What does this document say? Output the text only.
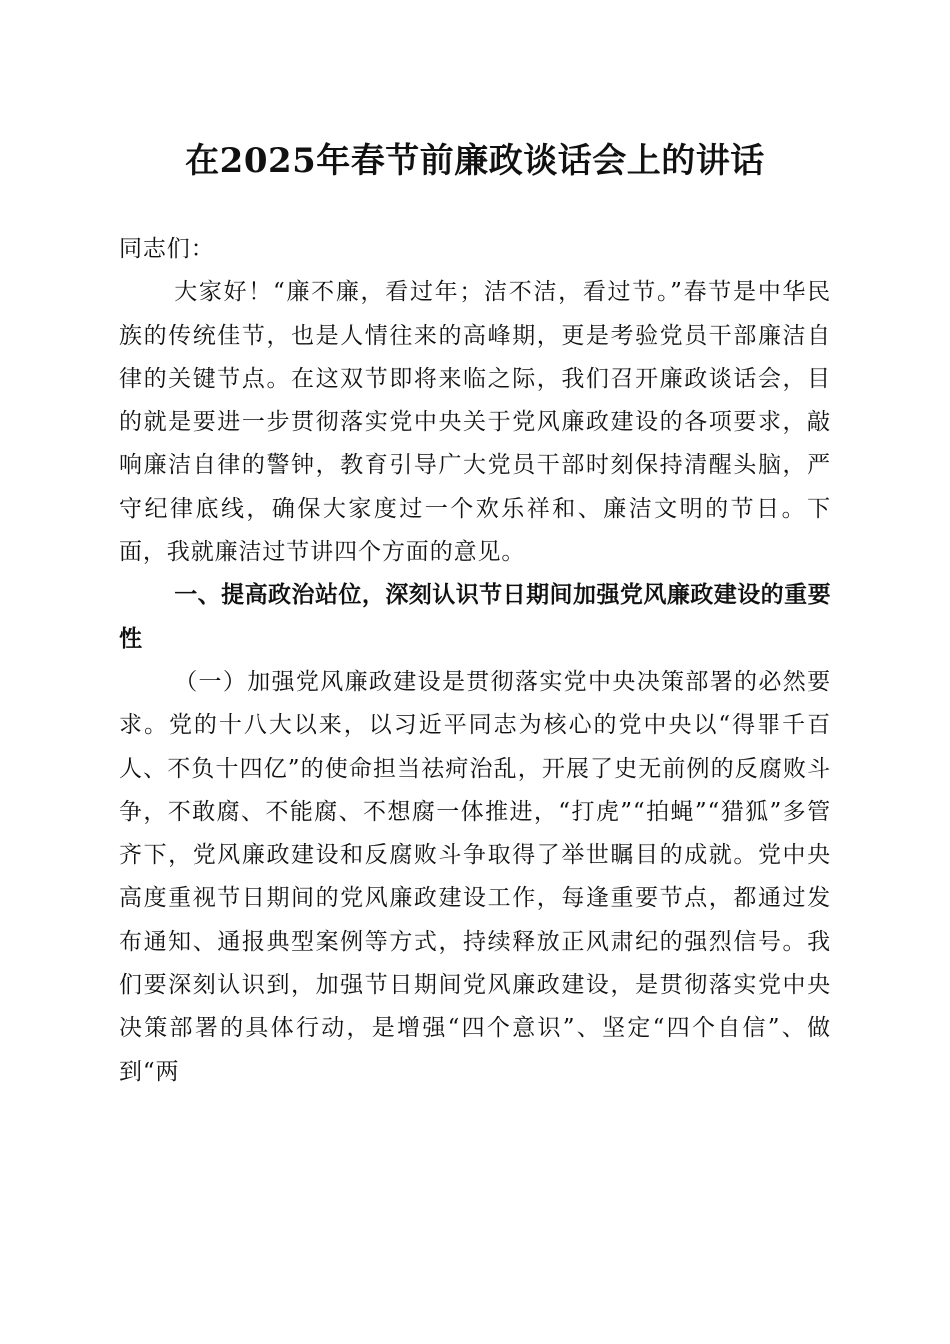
在2025年春节前廉政谈话会上的讲话

同志们：

大家好！“廉不廉，看过年；洁不洁，看过节。”春节是中华民族的传统佳节，也是人情往来的高峰期，更是考验党员干部廉洁自律的关键节点。在这双节即将来临之际，我们召开廉政谈话会，目的就是要进一步贯彻落实党中央关于党风廉政建设的各项要求，敲响廉洁自律的警钟，教育引导广大党员干部时刻保持清醒头脑，严守纪律底线，确保大家度过一个欢乐祥和、廉洁文明的节日。下面，我就廉洁过节讲四个方面的意见。

一、提高政治站位，深刻认识节日期间加强党风廉政建设的重要性

（一）加强党风廉政建设是贯彻落实党中央决策部署的必然要求。党的十八大以来，以习近平同志为核心的党中央以“得罪千百人、不负十四亿”的使命担当祛疴治乱，开展了史无前例的反腐败斗争，不敢腐、不能腐、不想腐一体推进，“打虎”“拍蝇”“猎狐”多管齐下，党风廉政建设和反腐败斗争取得了举世瞩目的成就。党中央高度重视节日期间的党风廉政建设工作，每逢重要节点，都通过发布通知、通报典型案例等方式，持续释放正风肃纪的强烈信号。我们要深刻认识到，加强节日期间党风廉政建设，是贯彻落实党中央决策部署的具体行动，是增强“四个意识”、坚定“四个自信”、做到“两
